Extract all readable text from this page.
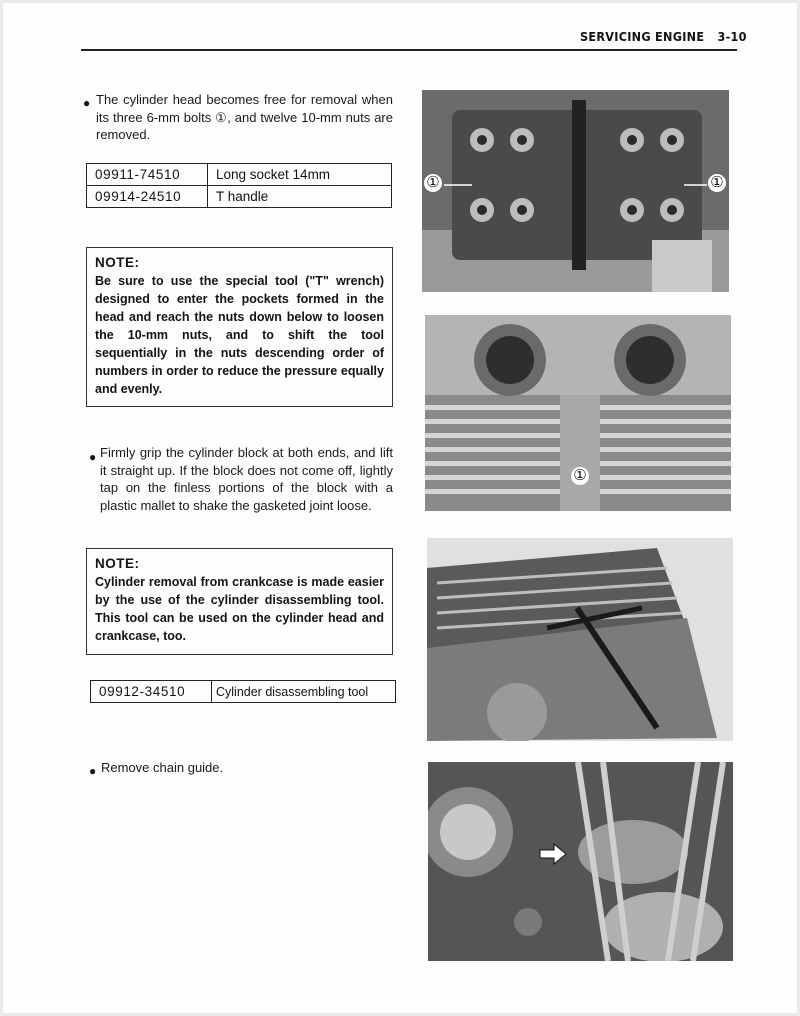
SERVICING ENGINE 3-10
● The cylinder head becomes free for removal when its three 6-mm bolts ①, and twelve 10-mm nuts are removed.
09911-74510	Long socket 14mm
09914-24510	T handle
NOTE:
Be sure to use the special tool ("T" wrench) designed to enter the pockets formed in the head and reach the nuts down below to loosen the 10-mm nuts, and to shift the tool sequentially in the nuts descending order of numbers in order to reduce the pressure equally and evenly.
● Firmly grip the cylinder block at both ends, and lift it straight up. If the block does not come off, lightly tap on the finless portions of the block with a plastic mallet to shake the gasketed joint loose.
NOTE:
Cylinder removal from crankcase is made easier by the use of the cylinder disassembling tool. This tool can be used on the cylinder head and crankcase, too.
09912-34510	Cylinder disassembling tool
● Remove chain guide.
①	①
①
